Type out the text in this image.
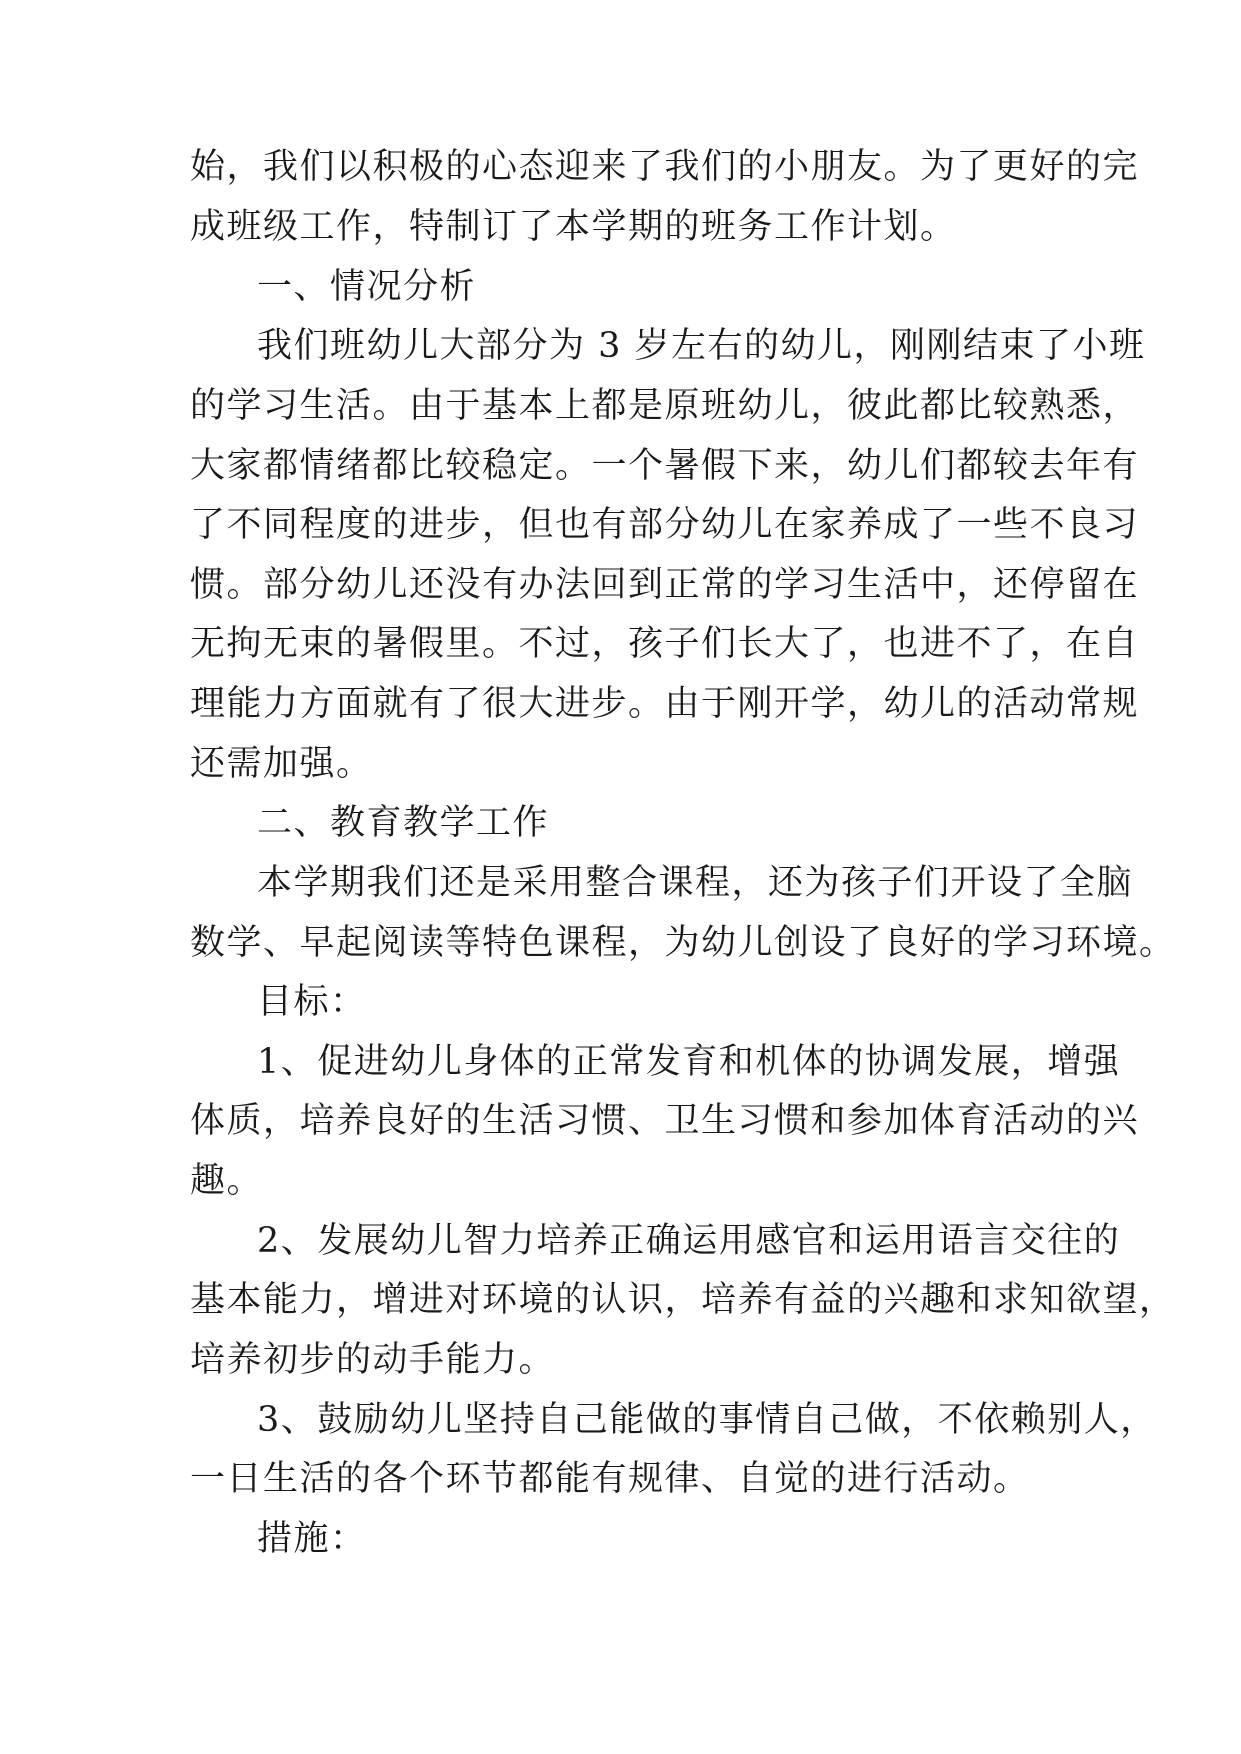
始，我们以积极的心态迎来了我们的小朋友。为了更好的完
成班级工作，特制订了本学期的班务工作计划。
一、情况分析
我们班幼儿大部分为 3 岁左右的幼儿，刚刚结束了小班
的学习生活。由于基本上都是原班幼儿，彼此都比较熟悉，
大家都情绪都比较稳定。一个暑假下来，幼儿们都较去年有
了不同程度的进步，但也有部分幼儿在家养成了一些不良习
惯。部分幼儿还没有办法回到正常的学习生活中，还停留在
无拘无束的暑假里。不过，孩子们长大了，也进不了，在自
理能力方面就有了很大进步。由于刚开学，幼儿的活动常规
还需加强。
二、教育教学工作
本学期我们还是采用整合课程，还为孩子们开设了全脑
数学、早起阅读等特色课程，为幼儿创设了良好的学习环境。
目标：
1、促进幼儿身体的正常发育和机体的协调发展，增强
体质，培养良好的生活习惯、卫生习惯和参加体育活动的兴
趣。
2、发展幼儿智力培养正确运用感官和运用语言交往的
基本能力，增进对环境的认识，培养有益的兴趣和求知欲望，
培养初步的动手能力。
3、鼓励幼儿坚持自己能做的事情自己做，不依赖别人，
一日生活的各个环节都能有规律、自觉的进行活动。
措施：
